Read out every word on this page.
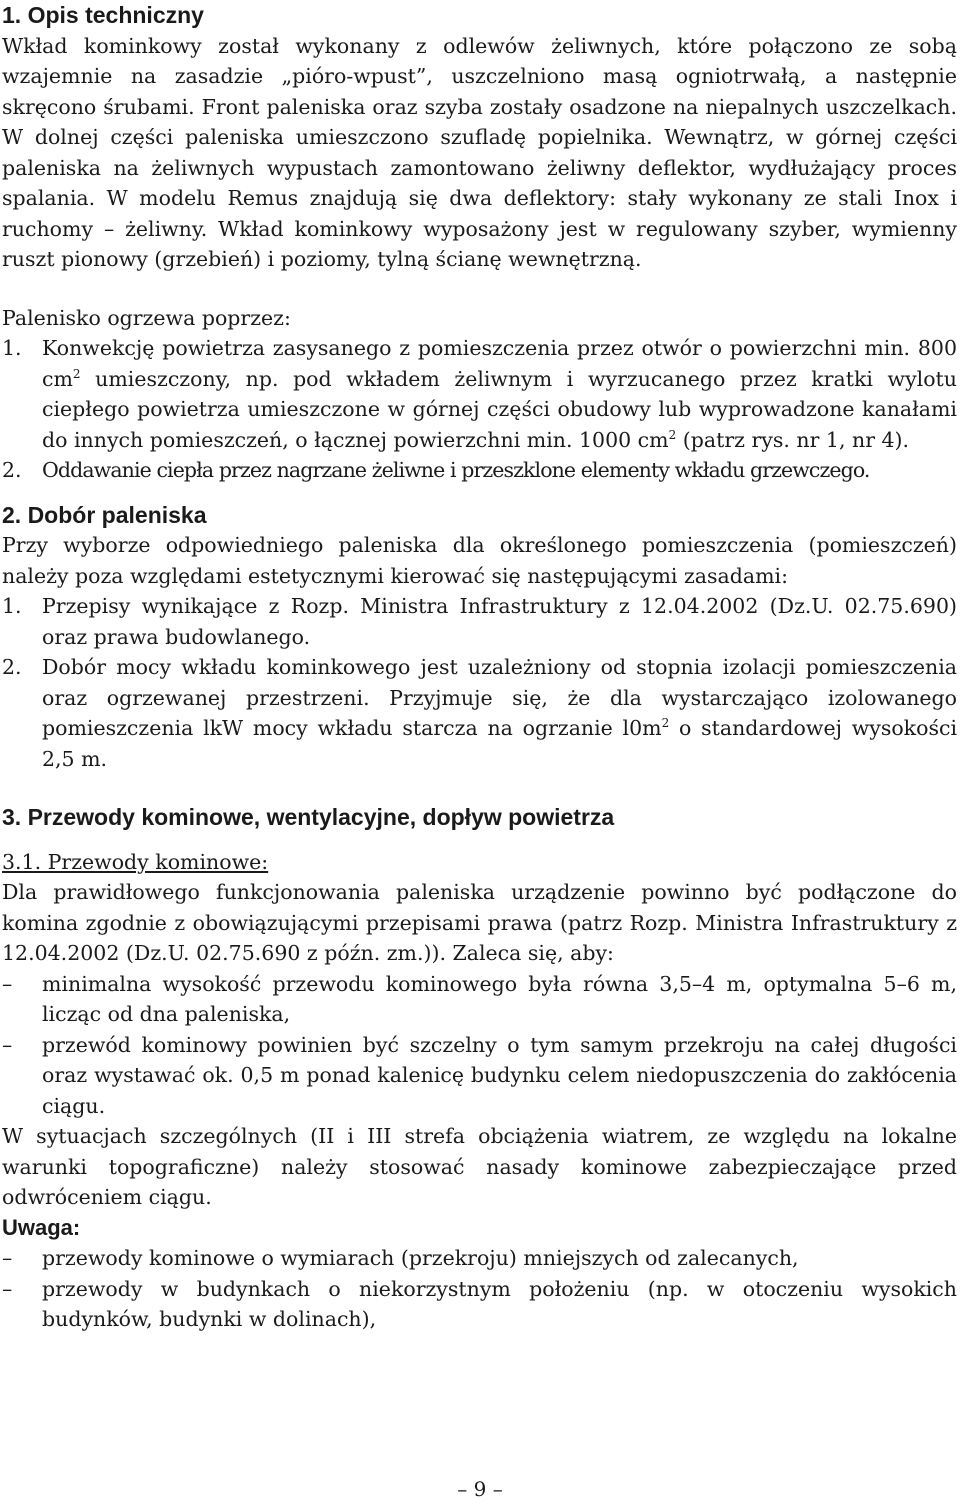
1. Opis techniczny

Wkład kominkowy został wykonany z odlewów żeliwnych, które połączono ze sobą wzajemnie na zasadzie „pióro-wpust”, uszczelniono masą ogniotrwałą, a następnie skręcono śrubami. Front paleniska oraz szyba zostały osadzone na niepalnych uszczelkach. W dolnej części paleniska umieszczono szufladę popielnika. Wewnątrz, w górnej części paleniska na żeliwnych wypustach zamontowano żeliwny deflektor, wydłużający proces spalania. W modelu Remus znajdują się dwa deflektory: stały wykonany ze stali Inox i ruchomy – żeliwny. Wkład kominkowy wyposażony jest w regulowany szyber, wymienny ruszt pionowy (grzebień) i poziomy, tylną ścianę wewnętrzną.

Palenisko ogrzewa poprzez:

1. Konwekcję powietrza zasysanego z pomieszczenia przez otwór o powierzchni min. 800 $cm^2$ umieszczony, np. pod wkładem żeliwnym i wyrzucanego przez kratki wylotu ciepłego powietrza umieszczone w górnej części obudowy lub wyprowadzone kanałami do innych pomieszczeń, o łącznej powierzchni min. 1000 $cm^2$ (patrz rys. nr 1, nr 4).
2. Oddawanie ciepła przez nagrzane żeliwne i przeszklone elementy wkładu grzewczego.
2. Dobór paleniska

Przy wyborze odpowiedniego paleniska dla określonego pomieszczenia (pomieszczeń) należy poza względami estetycznymi kierować się następującymi zasadami:

1. Przepisy wynikające z Rozp. Ministra Infrastruktury z 12.04.2002 (Dz.U. 02.75.690) oraz prawa budowlanego.
2. Dobór mocy wkładu kominkowego jest uzależniony od stopnia izolacji pomieszczenia oraz ogrzewanej przestrzeni. Przyjmuje się, że dla wystarczająco izolowanego pomieszczenia lkW mocy wkładu starcza na ogrzanie $l0m^2$ o standardowej wysokości 2,5 m.
3. Przewody kominowe, wentylacyjne, dopływ powietrza

3.1. Przewody kominowe:

Dla prawidłowego funkcjonowania paleniska urządzenie powinno być podłączone do komina zgodnie z obowiązującymi przepisami prawa (patrz Rozp. Ministra Infrastruktury z 12.04.2002 (Dz.U. 02.75.690 z późn. zm.)). Zaleca się, aby:

–	minimalna wysokość przewodu kominowego była równa 3,5–4 m, optymalna 5–6 m, licząc od dna paleniska,
–	przewód kominowy powinien być szczelny o tym samym przekroju na całej długości oraz wystawać ok. 0,5 m ponad kalenicę budynku celem niedopuszczenia do zakłócenia ciągu.

W sytuacjach szczególnych (II i III strefa obciążenia wiatrem, ze względu na lokalne warunki topograficzne) należy stosować nasady kominowe zabezpieczające przed odwróceniem ciągu.

Uwaga:

–	przewody kominowe o wymiarach (przekroju) mniejszych od zalecanych,
–	przewody w budynkach o niekorzystnym położeniu (np. w otoczeniu wysokich budynków, budynki w dolinach),
– 9 –
